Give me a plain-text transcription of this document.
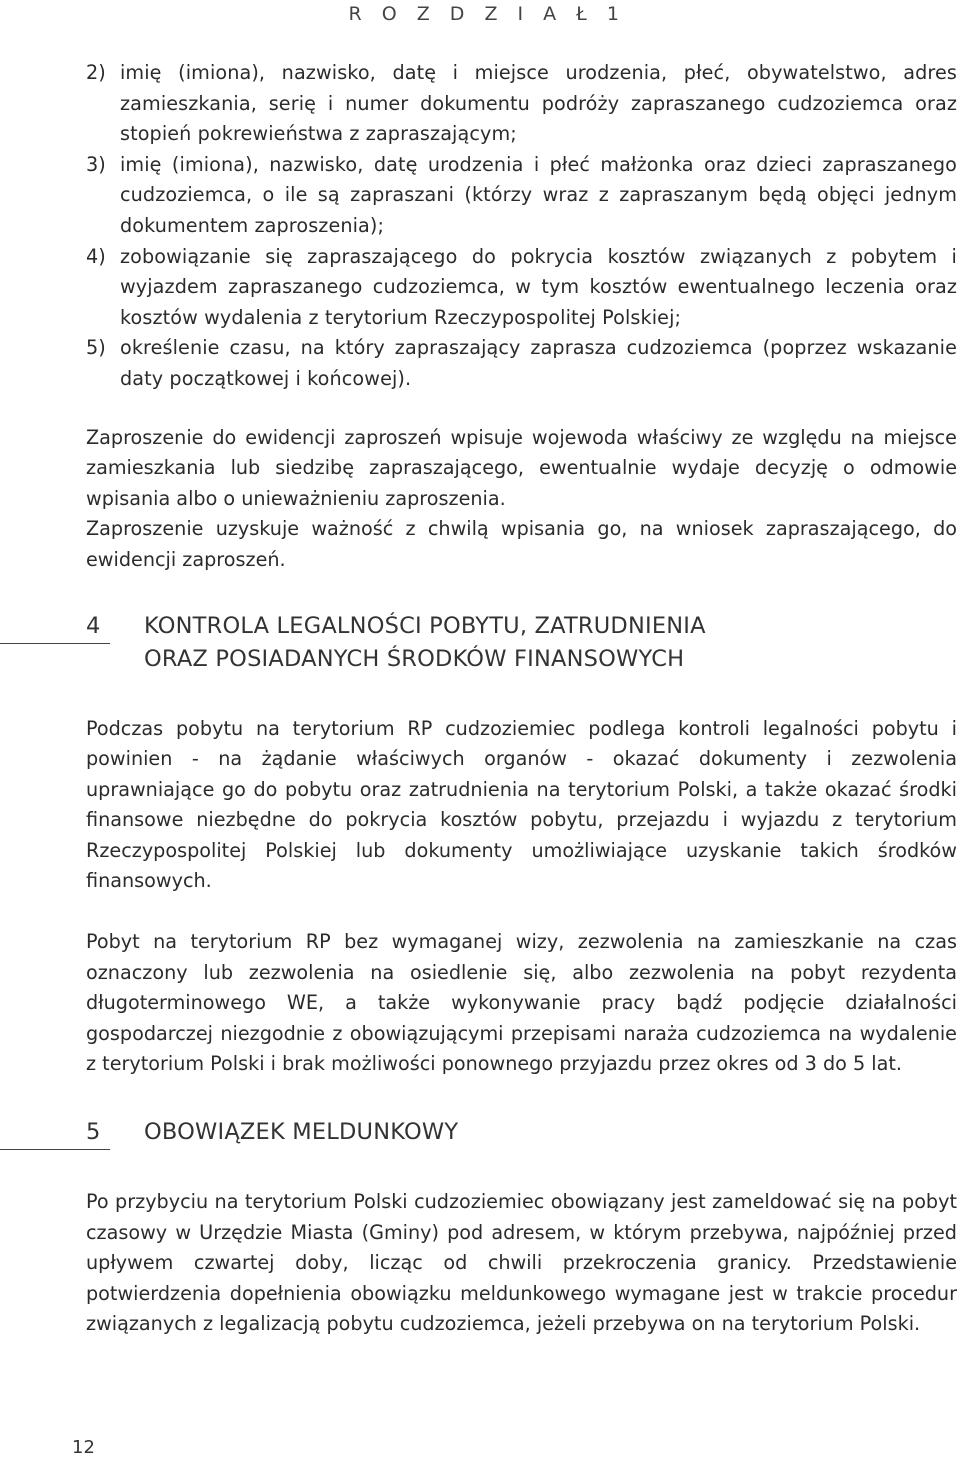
R O Z D Z I A Ł 1
2) imię (imiona), nazwisko, datę i miejsce urodzenia, płeć, obywatelstwo, adres zamieszkania, serię i numer dokumentu podróży zapraszanego cudzoziemca oraz stopień pokrewieństwa z zapraszającym;
3) imię (imiona), nazwisko, datę urodzenia i płeć małżonka oraz dzieci zapraszanego cudzoziemca, o ile są zapraszani (którzy wraz z zapraszanym będą objęci jednym dokumentem zaproszenia);
4) zobowiązanie się zapraszającego do pokrycia kosztów związanych z pobytem i wyjazdem zapraszanego cudzoziemca, w tym kosztów ewentualnego leczenia oraz kosztów wydalenia z terytorium Rzeczypospolitej Polskiej;
5) określenie czasu, na który zapraszający zaprasza cudzoziemca (poprzez wskazanie daty początkowej i końcowej).

Zaproszenie do ewidencji zaproszeń wpisuje wojewoda właściwy ze względu na miejsce zamieszkania lub siedzibę zapraszającego, ewentualnie wydaje decyzję o odmowie wpisania albo o unieważnieniu zaproszenia.

Zaproszenie uzyskuje ważność z chwilą wpisania go, na wniosek zapraszającego, do ewidencji zaproszeń.

4	KONTROLA LEGALNOŚCI POBYTU, ZATRUDNIENIA
ORAZ POSIADANYCH ŚRODKÓW FINANSOWYCH

Podczas pobytu na terytorium RP cudzoziemiec podlega kontroli legalności pobytu i powinien - na żądanie właściwych organów - okazać dokumenty i zezwolenia uprawniające go do pobytu oraz zatrudnienia na terytorium Polski, a także okazać środki finansowe niezbędne do pokrycia kosztów pobytu, przejazdu i wyjazdu z terytorium Rzeczypospolitej Polskiej lub dokumenty umożliwiające uzyskanie takich środków finansowych.

Pobyt na terytorium RP bez wymaganej wizy, zezwolenia na zamieszkanie na czas oznaczony lub zezwolenia na osiedlenie się, albo zezwolenia na pobyt rezydenta długoterminowego WE, a także wykonywanie pracy bądź podjęcie działalności gospodarczej niezgodnie z obowiązującymi przepisami naraża cudzoziemca na wydalenie z terytorium Polski i brak możliwości ponownego przyjazdu przez okres od 3 do 5 lat.

5	OBOWIĄZEK MELDUNKOWY

Po przybyciu na terytorium Polski cudzoziemiec obowiązany jest zameldować się na pobyt czasowy w Urzędzie Miasta (Gminy) pod adresem, w którym przebywa, najpóźniej przed upływem czwartej doby, licząc od chwili przekroczenia granicy. Przedstawienie potwierdzenia dopełnienia obowiązku meldunkowego wymagane jest w trakcie procedur związanych z legalizacją pobytu cudzoziemca, jeżeli przebywa on na terytorium Polski.

12
